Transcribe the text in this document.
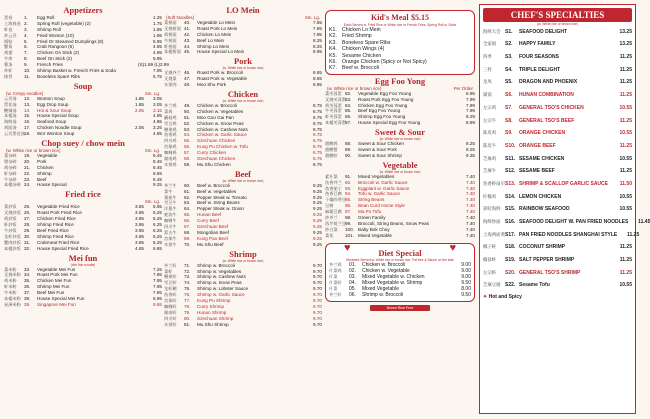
Appetizers
蛋卷	1.	Egg Roll	1.25
上海春卷 2.	Spring Roll (vegetable) (2)	1.75
虾卷	3.	Shrimp Roll	1.85
炸云吞	4.	Fried Wonton (10)	1.95
锅贴	5.	Fried Or Steamed Dumplings (8)	5.95
蟹角	6.	Crab Rangoon (6)	4.95
鸡翅	7.	Chicken On Stick (2)	4.95
牛串	8.	Beef On Stick (2)	5.95
薯条	9.	French Fries	(S)1.89 (L)2.99
炸虾	10.	Shrimp Basket w. French Fries & Soda	7.95
排骨	11.	Boneless Spare Ribs	5.75
Soup
(w. Crispy noodles)	Sm. Lg.
云吞汤	12.	Wonton Soup	1.85	3.05
蛋花汤	13.	Egg Drop Soup	1.85	3.05
酸辣汤	14.	Hot & Sour Soup	2.05	3.15
本楼汤	15.	House Special Soup	4.95
海鲜汤	16.	Seafood Soup	4.95
鸡面汤	17.	Chicken Noodle Soup	2.05	3.25
云吞蛋花汤 18.	Wor Wonton Soup	4.95
Chop suey / chow mein
(w. White rice or brown rice)	Sm. Lg.
菜杂碎	19.	Vegetable	6.45
猪杂碎	20.	Pork	8.45
鸡杂碎	21.	Chicken	8.45
虾杂碎	22.	Shrimp	8.55
牛杂碎	23.	Beef	8.45
本楼杂碎 24.	House Special	9.25
Fried rice
Sm. Lg.
菜炒饭	25.	Vegetable Fried Rice	3.55	5.95
叉烧炒饭 26.	Roast Pork Fried Rice	3.95	6.25
鸡炒饭	27.	Chicken Fried Rice	3.95	6.25
虾炒饭	28.	Shrimp Fried Rice	3.95	6.25
牛炒饭	29.	Beef Fried Rice	3.95	6.25
龙虾炒饭 30.	Shrimp Fried Rice	3.95	6.25
蟹肉炒饭 31.	Crabmeat Fried Rice	3.95	6.25
本楼炒饭 32.	House Special Fried Rice	4.65	6.65
Mei fun
(rice thin noodle)
菜米粉	33.	Vegetable Mei Fun	7.25
叉烧米粉 34.	Roast Pork Mei Fun	7.95
鸡米粉	35.	Chicken Mei Fun	7.95
虾米粉	36.	Shrimp Mei Fun	7.95
牛米粉	37.	Beef Mei Fun	7.95
本楼米粉 38.	House Special Mei Fun	8.95
星洲米粉 39.	Singapore Mei Fun	9.55
LO Mein
(Soft Noodles)	Sm. Lg.
菜捞面	40.	Vegetable Lo Mein	7.65
叉烧捞面 41.	Roast Pork Lo Mein	7.95
鸡捞面	42.	Chicken Lo Mein	7.95
牛捞面	43.	Beef Lo Mein	8.25
虾捞面	44.	Shrimp Lo Mein	8.25
本楼捞面 45.	House Special Lo Mein	8.95
Pork
(w. White rice or brown rice)
叉烧芥兰 46.	Roast Pork w. Broccoli	8.65
叉烧菜	47.	Roast Pork w. Vegetable	8.65
木须肉	48.	Moo Shu Pork	8.95
Chicken
(w. White rice or brown rice)
芥兰鸡	49.	Chicken w. Broccoli	8.75
菜鸡	50.	Chicken w. Vegetables	8.75
蘑菇鸡	51.	Moo Goo Gai Pan	8.75
雪豆鸡	52.	Chicken w. Snow Peas	8.75
腰果鸡	53.	Chicken w. Cashew Nuts	8.75
鱼香鸡	54.	Chicken w. Garlic Sauce	8.75
四川鸡	55.	Szechuan Chicken	8.75
宫保鸡	56.	Kung Pu Chicken w. Tofu	8.75
咖喱鸡	57.	Curry Chicken	8.75
湖南鸡	58.	Szechuan Chicken	8.75
木须鸡	59.	Mu Shu Chicken	8.75
Beef
(w. White rice or brown rice)
芥兰牛	60.	Beef w. Broccoli	9.25
菜牛	61.	Beef w. Vegetables	9.25
番茄牛	62.	Pepper Steak w. Tomato	9.25
雪豆牛	63.	Beef w. String Beans	9.25
洋葱牛	64.	Pepper Steak w. Onion	9.25
蚝油牛	65.	Hunan Beef	9.25
咖喱牛	66.	Curry Beef	9.25
四川牛	67.	Szechuan Beef	9.25
蒙古牛	68.	Mongolian Beef	9.25
宫保牛	69.	Kung Pao Beef	9.25
木须牛	70.	Mu Shu Beef	9.25
Shrimp
(w. White rice or brown rice)
芥兰虾	71.	Shrimp w. Broccoli	9.70
菜虾	72.	Shrimp w. Vegetables	9.70
腰果虾	73.	Shrimp w. Cashew Nuts	9.70
雪豆虾	74.	Shrimp w. Snow Peas	9.70
龙虾糊	75.	Shrimp w. Lobster Sauce	9.70
鱼香虾	76.	Shrimp w. Garlic Sauce	9.70
宫保虾	77.	Kung Pu Shrimp	9.70
咖喱虾	78.	Curry Shrimp	9.70
湖南虾	79.	Hunan Shrimp	9.70
四川虾	80.	Szechuan Shrimp	9.70
木须虾	81.	Mu Shu Shrimp	9.70
Kid's Meal $5.15
Each Served w. Fried Rice or White rice or French Fries, Spring Roll w. Soda
K1.	Chicken Lo Mein
K2.	Fried Shrimp
K3.	Boneless Spare Ribs
K4.	Chicken Wings (4)
K5.	Sesame Chicken
K6.	Orange Chicken (Spicy or Not Spicy)
K7.	Beef w. Broccoli
Egg Foo Yong
(w. White rice or brown rice)	Per Order
菜芙蓉蛋 82.	Vegetable Egg Foo Young	6.95
叉烧芙蓉蛋 83.	Roast Pork Egg Foo Young	7.99
鸡芙蓉蛋 84.	Chicken Egg Foo Young	7.99
牛芙蓉蛋 85.	Beef Egg Foo Young	7.99
虾芙蓉蛋 86.	Shrimp Egg Foo Young	8.29
本楼芙蓉蛋 87.	House Special Egg Foo Young	8.99
Sweet & Sour
(w. White rice or brown rice)
甜酸鸡	88.	Sweet & Sour Chicken	8.25
甜酸猪	89.	Sweet & Sour Pork	8.25
甜酸虾	90.	Sweet & Sour Shrimp	9.35
Vegetable
(w. White rice or brown rice)
素什菜	91.	Mixed Vegetables	7.40
鱼香芥兰 92.	Broccoli w. Garlic Sauce	7.40
鱼香茄子 93.	Eggplant w. Garlic Sauce	7.40
鱼香豆腐 94.	Tofu w. Garlic Sauce	7.40
干煸四季豆 95.	String Beans	7.40
豆腐	96.	Bean Curd Home Style	7.40
麻婆豆腐 97.	Ma Po Tofu	7.40
炒芥兰	98.	Green Family	7.40
西芹荷兰豆 99.	Broccoli, String Beans, Snow Peas	7.40
炒白菜	100. Baby Bok Choy	7.40
菜花	101. Mixed Vegetable	7.40
♥	♥
Diet Special
Steamed Served w. White rice or brown rice, Fat free & Sauce on the side
芥兰鸡	01.	Chicken w. Broccoli	9.00
什菜鸡	02.	Chicken w. Vegetable	9.00
什菜	03.	Mixed Vegetable w. Chicken	9.00
什菜虾	04.	Mixed Vegetable w. Shrimp	9.50
什菜	05.	Mixed Vegetable	8.00
芥兰虾	06.	Shrimp w. Broccoli	9.50
Brown Rice Free
CHEF'S SPECIALTIES
(w. White rice or brown rice)
海鲜大会 S1.	SEAFOOD DELIGHT	13.25
全家福	S2.	HAPPY FAMILY	13.25
四季	S3.	FOUR SEASONS	11.25
三样	S4.	TRIPLE DELIGHT	11.25
龙凤	S5.	DRAGON AND PHOENIX	11.25
湖南	S6.	HUNAN COMBINATION	11.25
左宗鸡	S7.	GENERAL TSO'S CHICKEN	10.55
左宗牛	S8.	GENERAL TSO'S BEEF	11.25
陈皮鸡	S9.	ORANGE CHICKEN	10.55
陈皮牛	S10. ORANGE BEEF	11.25
芝麻鸡	S11. SESAME CHICKEN	10.55
芝麻牛	S12. SESAME BEEF	11.25
鱼香虾扇贝 S13. SHRIMP & SCALLOP GARLIC SAUCE	11.50
柠檬鸡	S14. LEMON CHICKEN	10.55
彩虹海鲜 S15. RAINBOW SEAFOOD	10.55
海鲜炒面 S16. SEAFOOD DELIGHT W. PAN FRIED NOODLES	11.45
上海两面黄 S17. PAN FRIED NOODLES SHANGHAI STYLE	11.25
椰子虾	S18. COCONUT SHRIMP	11.25
椒盐虾	S19. SALT PEPPER SHRIMP	11.25
左宗虾	S20. GENERAL TSO'S SHRIMP	11.25
芝麻豆腐 S22. Sesame Tofu	10.55
✦ Hot and Spicy
